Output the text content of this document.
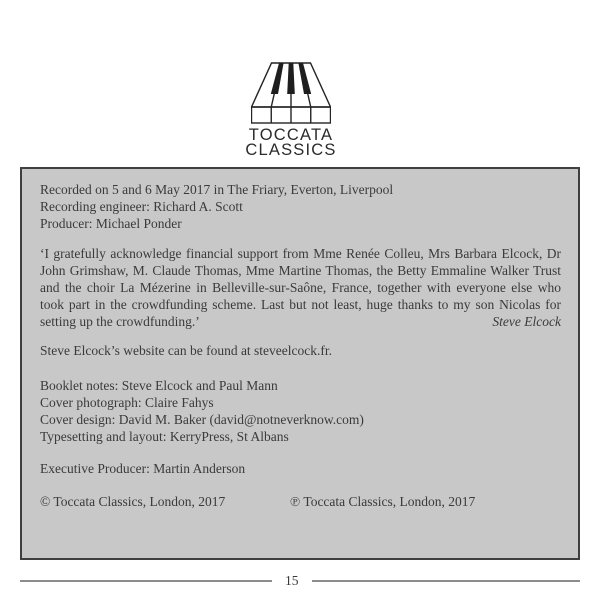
TOCCATA
CLASSICS
Recorded on 5 and 6 May 2017 in The Friary, Everton, Liverpool
Recording engineer: Richard A. Scott
Producer: Michael Ponder
‘I gratefully acknowledge financial support from Mme Renée Colleu, Mrs Barbara Elcock, Dr John Grimshaw, M. Claude Thomas, Mme Martine Thomas, the Betty Emmaline Walker Trust and the choir La Mézerine in Belleville-sur-Saône, France, together with everyone else who took part in the crowdfunding scheme. Last but not least, huge thanks to my son Nicolas for setting up the crowdfunding.’	Steve Elcock
Steve Elcock’s website can be found at steveelcock.fr.
Booklet notes: Steve Elcock and Paul Mann
Cover photograph: Claire Fahys
Cover design: David M. Baker (david@notneverknow.com)
Typesetting and layout: KerryPress, St Albans
Executive Producer: Martin Anderson
© Toccata Classics, London, 2017	℗ Toccata Classics, London, 2017
15
